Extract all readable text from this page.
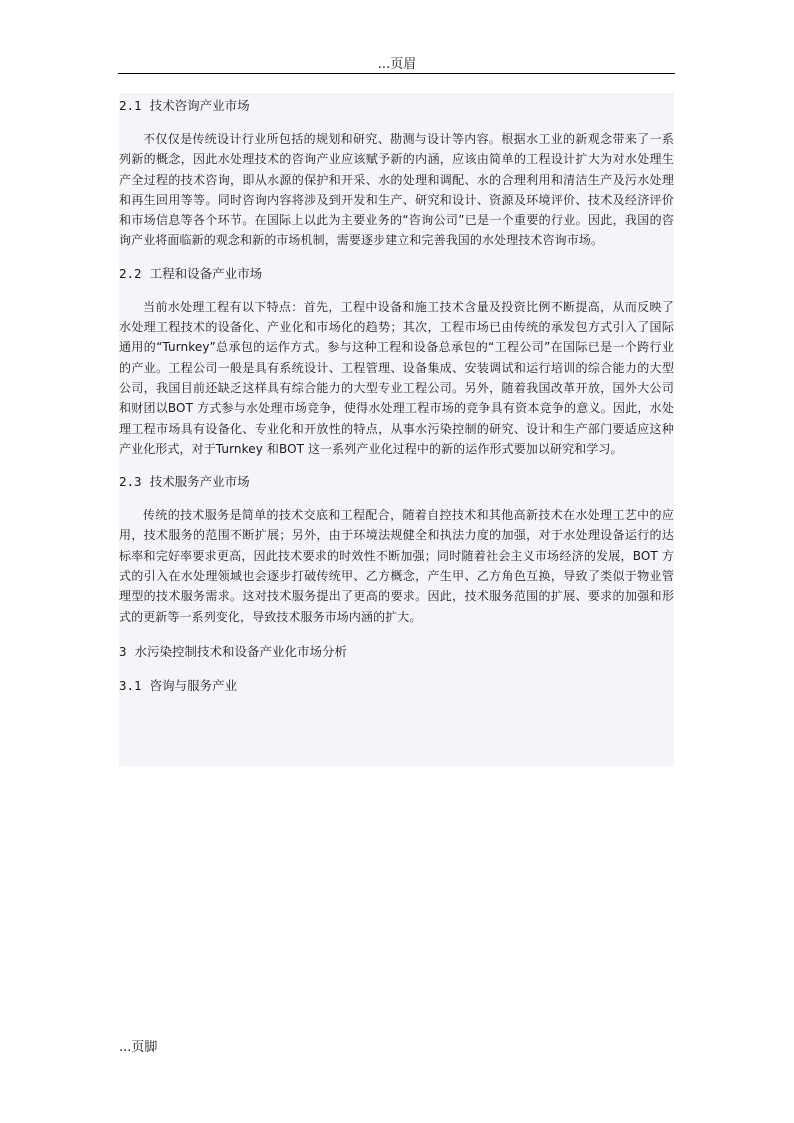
...页眉
2.1 技术咨询产业市场

不仅仅是传统设计行业所包括的规划和研究、勘测与设计等内容。根据水工业的新观念带来了一系列新的概念，因此水处理技术的咨询产业应该赋予新的内涵，应该由简单的工程设计扩大为对水处理生产全过程的技术咨询，即从水源的保护和开采、水的处理和调配、水的合理利用和清洁生产及污水处理和再生回用等等。同时咨询内容将涉及到开发和生产、研究和设计、资源及环境评价、技术及经济评价和市场信息等各个环节。在国际上以此为主要业务的“咨询公司”已是一个重要的行业。因此，我国的咨询产业将面临新的观念和新的市场机制，需要逐步建立和完善我国的水处理技术咨询市场。

2.2 工程和设备产业市场

当前水处理工程有以下特点：首先，工程中设备和施工技术含量及投资比例不断提高，从而反映了水处理工程技术的设备化、产业化和市场化的趋势；其次，工程市场已由传统的承发包方式引入了国际通用的“Turnkey”总承包的运作方式。参与这种工程和设备总承包的“工程公司”在国际已是一个跨行业的产业。工程公司一般是具有系统设计、工程管理、设备集成、安装调试和运行培训的综合能力的大型公司，我国目前还缺乏这样具有综合能力的大型专业工程公司。另外，随着我国改革开放，国外大公司和财团以BOT 方式参与水处理市场竞争，使得水处理工程市场的竞争具有资本竞争的意义。因此，水处理工程市场具有设备化、专业化和开放性的特点，从事水污染控制的研究、设计和生产部门要适应这种产业化形式，对于Turnkey 和BOT 这一系列产业化过程中的新的运作形式要加以研究和学习。

2.3 技术服务产业市场

传统的技术服务是简单的技术交底和工程配合，随着自控技术和其他高新技术在水处理工艺中的应用，技术服务的范围不断扩展；另外，由于环境法规健全和执法力度的加强，对于水处理设备运行的达标率和完好率要求更高，因此技术要求的时效性不断加强；同时随着社会主义市场经济的发展，BOT 方式的引入在水处理领域也会逐步打破传统甲、乙方概念，产生甲、乙方角色互换，导致了类似于物业管理型的技术服务需求。这对技术服务提出了更高的要求。因此，技术服务范围的扩展、要求的加强和形式的更新等一系列变化，导致技术服务市场内涵的扩大。

3 水污染控制技术和设备产业化市场分析
3.1 咨询与服务产业
...页脚
